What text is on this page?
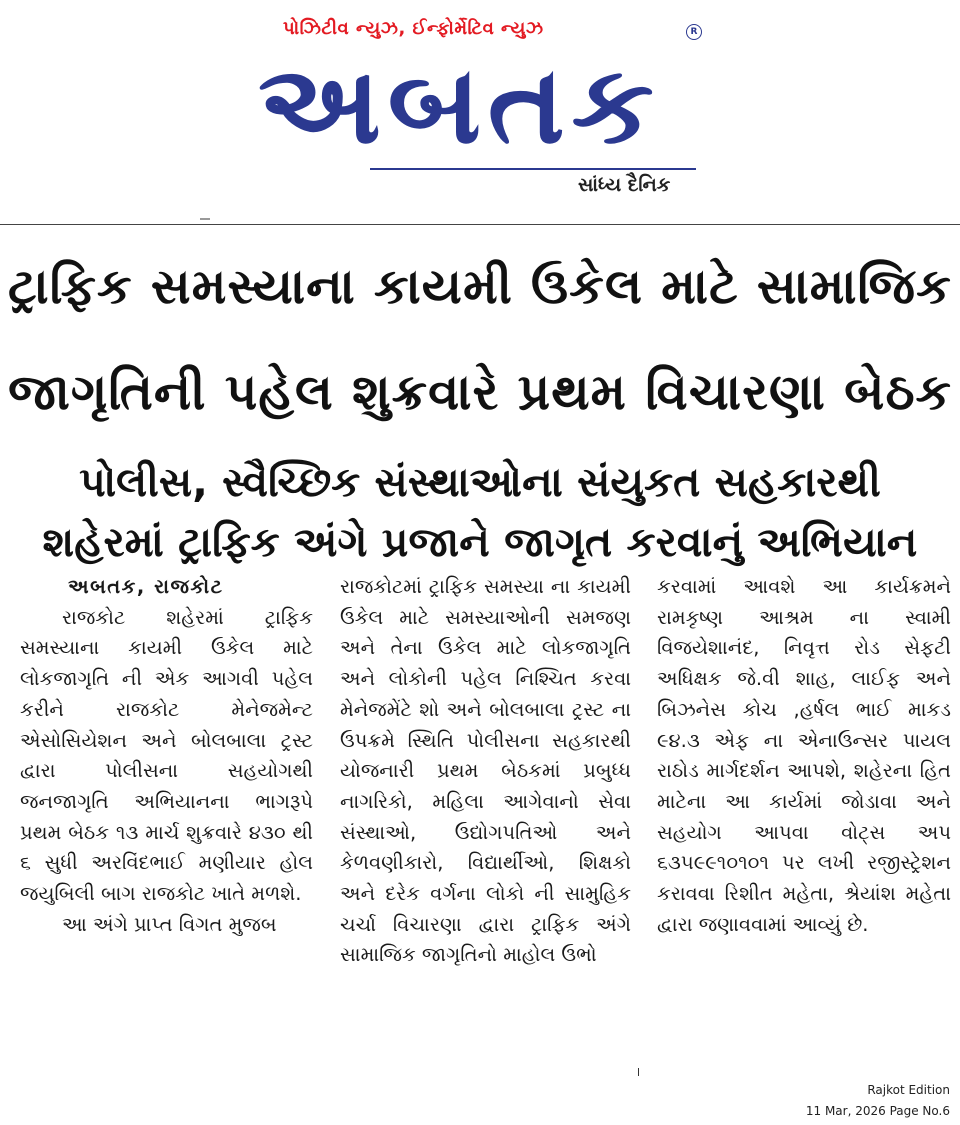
પોઝિટીવ ન્યુઝ, ઈન્ફોર્મેટિવ ન્યુઝ	R
અબતક
સાંધ્ય દૈનિક
ટ્રાફિક સમસ્યાના કાયમી ઉકેલ માટે સામાજિક
જાગૃતિની પહેલ શુક્રવારે પ્રથમ વિચારણા બેઠક
પોલીસ, સ્વૈચ્છિક સંસ્થાઓના સંયુકત સહકારથી
શહેરમાં ટ્રાફિક અંગે પ્રજાને જાગૃત કરવાનું અભિયાન
અબતક, રાજકોટ
રાજકોટ શહેરમાં ટ્રાફિક સમસ્યાના કાયમી ઉકેલ માટે લોકજાગૃતિ ની એક આગવી પહેલ કરીને રાજકોટ મેનેજમેન્ટ એસોસિયેશન અને બોલબાલા ટ્રસ્ટ દ્વારા પોલીસના સહયોગથી જનજાગૃતિ અભિયાનના ભાગરૂપે પ્રથમ બેઠક ૧૩ માર્ચ શુક્રવારે ૪૩૦ થી ૬ સુધી અરવિંદભાઈ મણીયાર હોલ જયુબિલી બાગ રાજકોટ ખાતે મળશે.
આ અંગે પ્રાપ્ત વિગત મુજબ
રાજકોટમાં ટ્રાફિક સમસ્યા ના કાયમી ઉકેલ માટે સમસ્યાઓની સમજણ અને તેના ઉકેલ માટે લોકજાગૃતિ અને લોકોની પહેલ નિશ્ચિત કરવા મેનેજમેંટે શો અને બોલબાલા ટ્રસ્ટ ના ઉપક્રમે સ્થિતિ પોલીસના સહકારથી યોજનારી પ્રથમ બેઠકમાં પ્રબુધ્ધ નાગરિકો, મહિલા આગેવાનો સેવા સંસ્થાઓ, ઉદ્યોગપતિઓ અને કેળવણીકારો, વિદ્યાર્થીઓ, શિક્ષકો અને દરેક વર્ગના લોકો ની સામુહિક ચર્ચા વિચારણા દ્વારા ટ્રાફિક અંગે સામાજિક જાગૃતિનો માહોલ ઉભો
કરવામાં આવશે આ કાર્યક્રમને રામકૃષ્ણ આશ્રમ ના સ્વામી વિજયેશાનંદ, નિવૃત્ત રોડ સેફટી અધિક્ષક જે.વી શાહ, લાઈફ અને બિઝનેસ કોચ ,હર્ષલ ભાઈ માકડ ૯૪.૩ એફ ના એનાઉન્સર પાયલ રાઠોડ માર્ગદર્શન આપશે, શહેરના હિત માટેના આ કાર્યમાં જોડાવા અને સહયોગ આપવા વોટ્સ અપ ૬૩૫૯૯૧૦૧૦૧ પર લખી રજીસ્ટ્રેશન કરાવવા રિશીત મહેતા, શ્રેયાંશ મહેતા દ્વારા જણાવવામાં આવ્યું છે.
Rajkot Edition
11 Mar, 2026 Page No.6
